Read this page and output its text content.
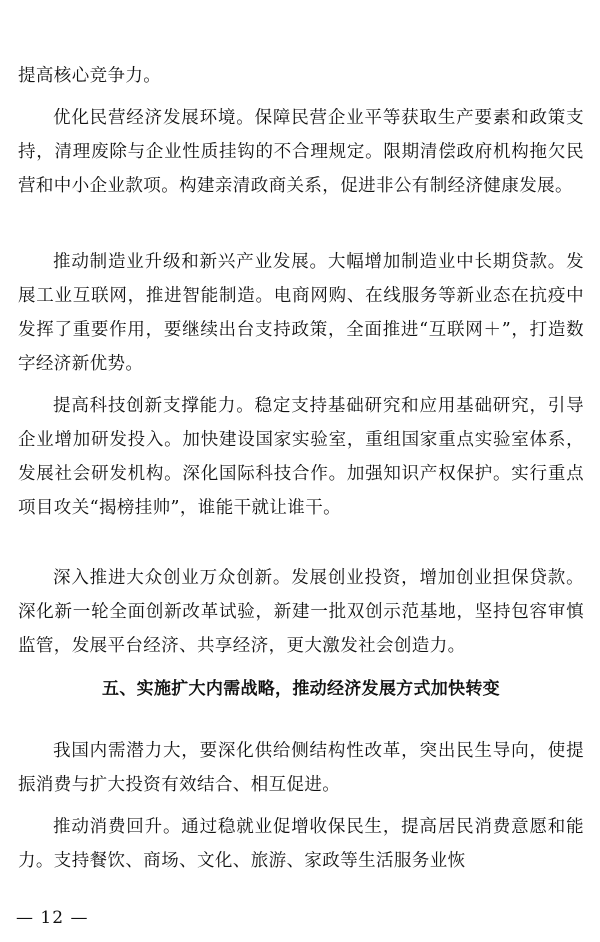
提高核心竞争力。

优化民营经济发展环境。保障民营企业平等获取生产要素和政策支持，清理废除与企业性质挂钩的不合理规定。限期清偿政府机构拖欠民营和中小企业款项。构建亲清政商关系，促进非公有制经济健康发展。

推动制造业升级和新兴产业发展。大幅增加制造业中长期贷款。发展工业互联网，推进智能制造。电商网购、在线服务等新业态在抗疫中发挥了重要作用，要继续出台支持政策，全面推进“互联网＋”，打造数字经济新优势。

提高科技创新支撑能力。稳定支持基础研究和应用基础研究，引导企业增加研发投入。加快建设国家实验室，重组国家重点实验室体系，发展社会研发机构。深化国际科技合作。加强知识产权保护。实行重点项目攻关“揭榜挂帅”，谁能干就让谁干。

深入推进大众创业万众创新。发展创业投资，增加创业担保贷款。深化新一轮全面创新改革试验，新建一批双创示范基地，坚持包容审慎监管，发展平台经济、共享经济，更大激发社会创造力。

五、实施扩大内需战略，推动经济发展方式加快转变

我国内需潜力大，要深化供给侧结构性改革，突出民生导向，使提振消费与扩大投资有效结合、相互促进。

推动消费回升。通过稳就业促增收保民生，提高居民消费意愿和能力。支持餐饮、商场、文化、旅游、家政等生活服务业恢

— 12 —
